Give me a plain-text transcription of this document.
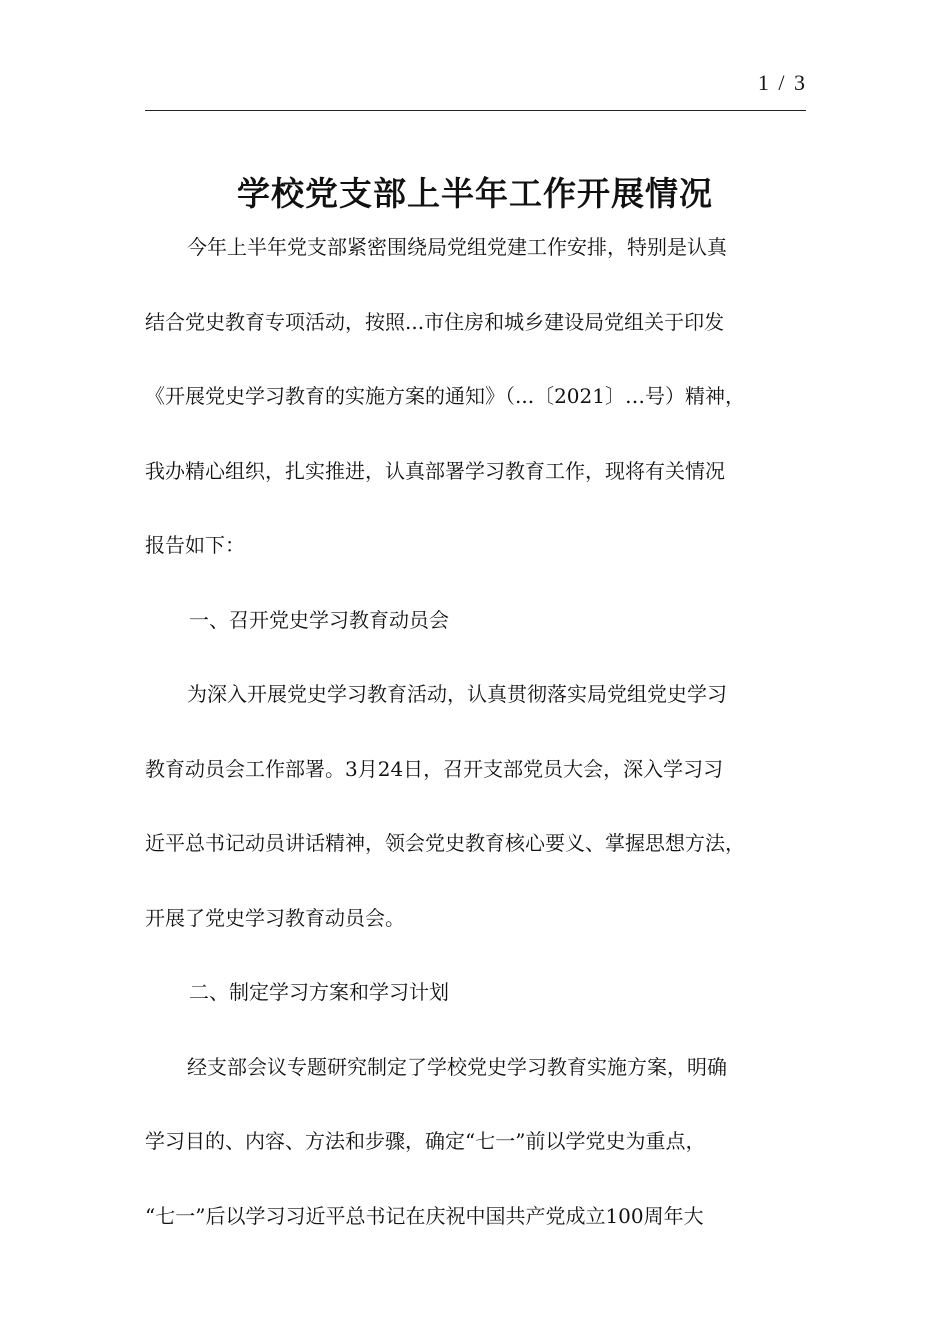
1 / 3
学校党支部上半年工作开展情况

今年上半年党支部紧密围绕局党组党建工作安排，特别是认真
结合党史教育专项活动，按照...市住房和城乡建设局党组关于印发
《开展党史学习教育的实施方案的通知》（...〔2021〕…号）精神，
我办精心组织，扎实推进，认真部署学习教育工作，现将有关情况
报告如下：

一、召开党史学习教育动员会

为深入开展党史学习教育活动，认真贯彻落实局党组党史学习
教育动员会工作部署。3月24日，召开支部党员大会，深入学习习
近平总书记动员讲话精神，领会党史教育核心要义、掌握思想方法，
开展了党史学习教育动员会。

二、制定学习方案和学习计划

经支部会议专题研究制定了学校党史学习教育实施方案，明确
学习目的、内容、方法和步骤，确定“七一”前以学党史为重点，
“七一”后以学习习近平总书记在庆祝中国共产党成立100周年大
